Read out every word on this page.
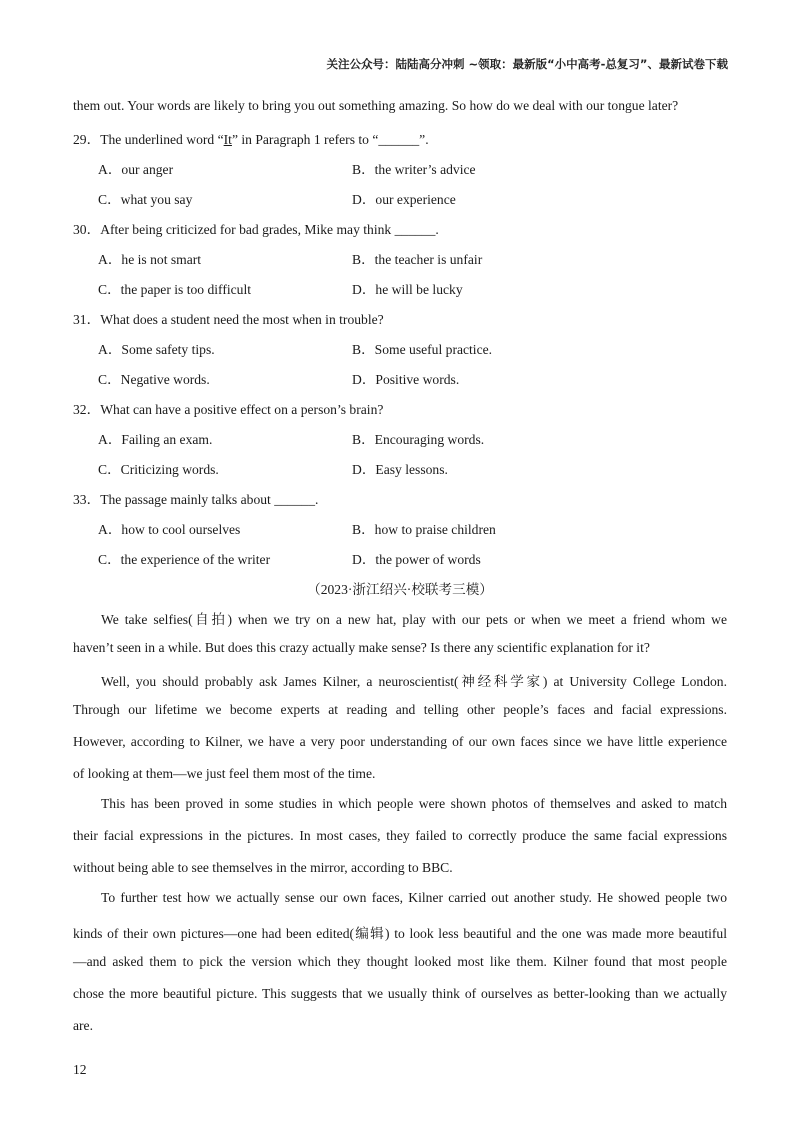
关注公众号：陆陆高分冲刺 ~领取：最新版“小中高考-总复习”、最新试卷下载
them out. Your words are likely to bring you out something amazing. So how do we deal with our tongue later?
29．The underlined word “It” in Paragraph 1 refers to “______”.
A．our anger	B．the writer’s advice
C．what you say	D．our experience
30．After being criticized for bad grades, Mike may think ______.
A．he is not smart	B．the teacher is unfair
C．the paper is too difficult	D．he will be lucky
31．What does a student need the most when in trouble?
A．Some safety tips.	B．Some useful practice.
C．Negative words.	D．Positive words.
32．What can have a positive effect on a person’s brain?
A．Failing an exam.	B．Encouraging words.
C．Criticizing words.	D．Easy lessons.
33．The passage mainly talks about ______.
A．how to cool ourselves	B．how to praise children
C．the experience of the writer	D．the power of words
（2023·浙江绍兴·校联考三模）
We take selfies(自拍) when we try on a new hat, play with our pets or when we meet a friend whom we
haven’t seen in a while. But does this crazy actually make sense? Is there any scientific explanation for it?
Well, you should probably ask James Kilner, a neuroscientist(神经科学家) at University College London.
Through our lifetime we become experts at reading and telling other people’s faces and facial expressions.
However, according to Kilner, we have a very poor understanding of our own faces since we have little experience
of looking at them—we just feel them most of the time.
This has been proved in some studies in which people were shown photos of themselves and asked to match
their facial expressions in the pictures. In most cases, they failed to correctly produce the same facial expressions
without being able to see themselves in the mirror, according to BBC.
To further test how we actually sense our own faces, Kilner carried out another study. He showed people two
kinds of their own pictures—one had been edited(编辑) to look less beautiful and the one was made more beautiful
—and asked them to pick the version which they thought looked most like them. Kilner found that most people
chose the more beautiful picture. This suggests that we usually think of ourselves as better-looking than we actually
are.
12
